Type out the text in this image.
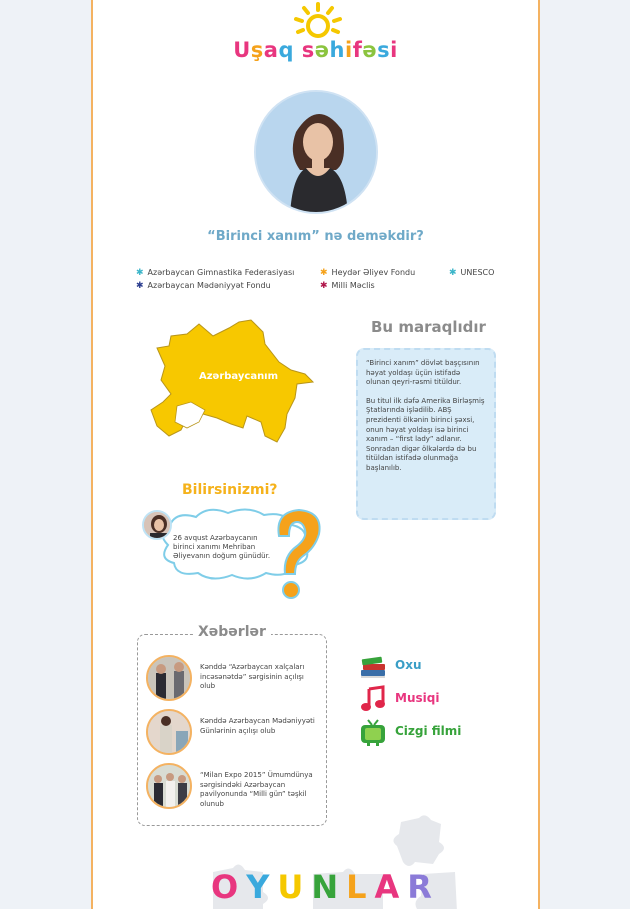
Uşaq səhifəsi
“Birinci xanım” nə deməkdir?
✱ Azərbaycan Gimnastika Federasiyası	✱ Heydər Əliyev Fondu	✱ UNESCO
✱ Azərbaycan Mədəniyyət Fondu	✱ Milli Məclis
Azərbaycanım
Bu maraqlıdır

“Birinci xanım” dövlət başçısının həyat yoldaşı üçün istifadə olunan qeyri-rəsmi titüldur.

Bu titul ilk dəfə Amerika Birləşmiş Ştatlarında işlədilib. ABŞ prezidenti ölkənin birinci şəxsi, onun həyat yoldaşı isə birinci xanım – “first lady” adlanır. Sonradan digər ölkələrdə də bu titüldan istifadə olunmağa başlanılıb.

Bilirsinizmi?
26 avqust Azərbaycanın birinci xanımı Mehriban Əliyevanın doğum günüdür.
Xəbərlər
Kənddə “Azərbaycan xalçaları incəsənətdə” sərgisinin açılışı olub
Kənddə Azərbaycan Mədəniyyəti Günlərinin açılışı olub
“Milan Expo 2015” Ümumdünya sərgisindəki Azərbaycan pavilyonunda “Milli gün” təşkil olunub
Oxu
Musiqi
Cizgi filmi
OYUNLAR
